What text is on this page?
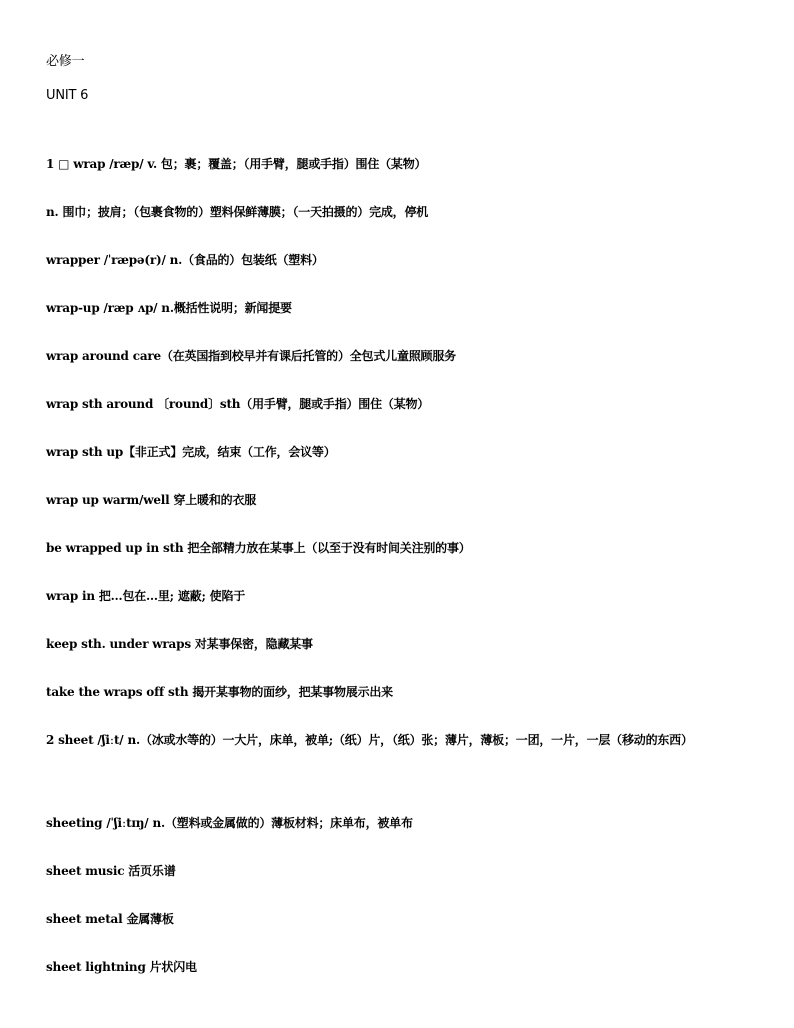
必修一
UNIT 6
1 □ wrap /ræp/ v. 包；裹；覆盖；（用手臂，腿或手指）围住（某物）
n. 围巾；披肩；（包裹食物的）塑料保鲜薄膜；（一天拍摄的）完成，停机
wrapper /ˈræpə(r)/ n.（食品的）包装纸（塑料）
wrap-up /ræp ʌp/ n.概括性说明；新闻提要
wrap around care（在英国指到校早并有课后托管的）全包式儿童照顾服务
wrap sth around 〔round〕sth（用手臂，腿或手指）围住（某物）
wrap sth up【非正式】完成，结束（工作，会议等）
wrap up warm/well 穿上暖和的衣服
be wrapped up in sth 把全部精力放在某事上（以至于没有时间关注别的事）
wrap in 把…包在…里; 遮蔽; 使陷于
keep sth. under wraps 对某事保密，隐藏某事
take the wraps off sth 揭开某事物的面纱，把某事物展示出来
2 sheet /ʃiːt/ n.（冰或水等的）一大片，床单，被单;（纸）片，（纸）张；薄片，薄板；一团，一片，一层（移动的东西）
sheeting /ˈʃiːtɪŋ/ n.（塑料或金属做的）薄板材料；床单布，被单布
sheet music 活页乐谱
sheet metal 金属薄板
sheet lightning 片状闪电
